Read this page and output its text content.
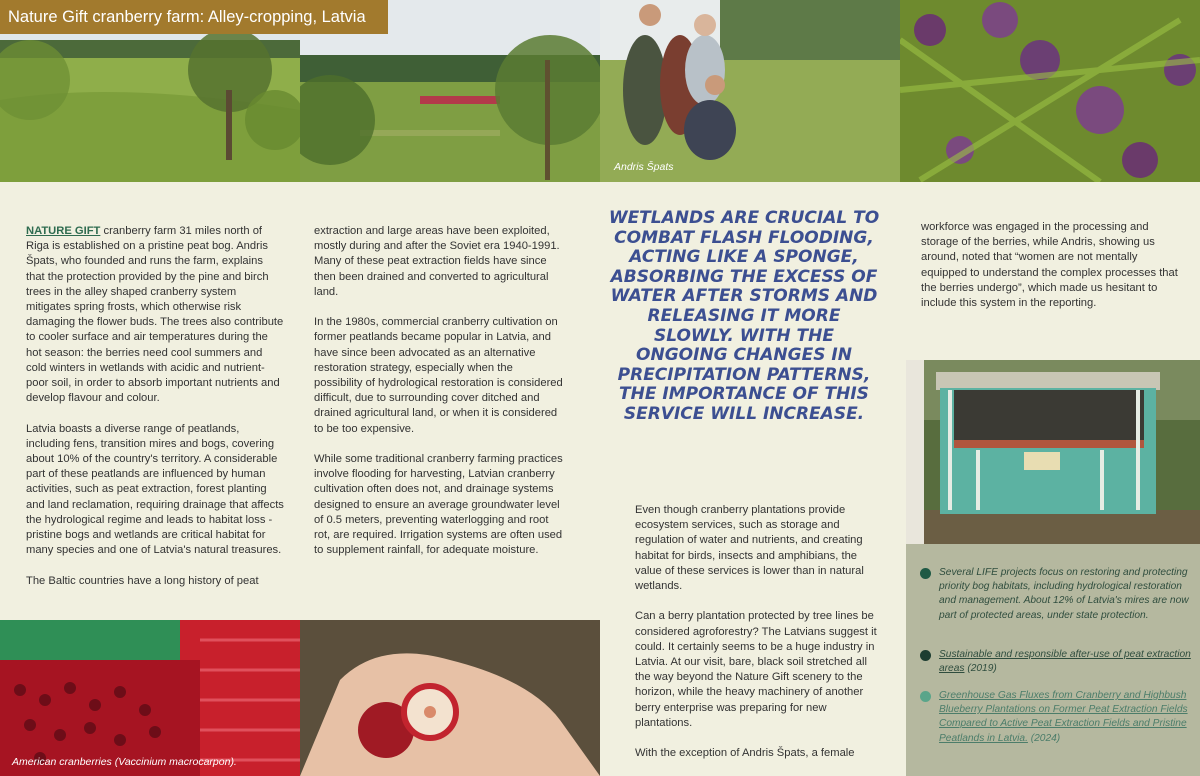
Nature Gift cranberry farm: Alley-cropping, Latvia
Andris Špats

NATURE GIFT cranberry farm 31 miles north of Riga is established on a pristine peat bog. Andris Špats, who founded and runs the farm, explains that the protection provided by the pine and birch trees in the alley shaped cranberry system mitigates spring frosts, which otherwise risk damaging the flower buds. The trees also contribute to cooler surface and air temperatures during the hot season: the berries need cool summers and cold winters in wetlands with acidic and nutrient-poor soil, in order to absorb important nutrients and develop flavour and colour.

Latvia boasts a diverse range of peatlands, including fens, transition mires and bogs, covering about 10% of the country's territory. A considerable part of these peatlands are influenced by human activities, such as peat extraction, forest planting and land reclamation, requiring drainage that affects the hydrological regime and leads to habitat loss - pristine bogs and wetlands are critical habitat for many species and one of Latvia's natural treasures.

The Baltic countries have a long history of peat

extraction and large areas have been exploited, mostly during and after the Soviet era 1940-1991. Many of these peat extraction fields have since then been drained and converted to agricultural land.

In the 1980s, commercial cranberry cultivation on former peatlands became popular in Latvia, and have since been advocated as an alternative restoration strategy, especially when the possibility of hydrological restoration is considered difficult, due to surrounding cover ditched and drained agricultural land, or when it is considered to be too expensive.

While some traditional cranberry farming practices involve flooding for harvesting, Latvian cranberry cultivation often does not, and drainage systems designed to ensure an average groundwater level of 0.5 meters, preventing waterlogging and root rot, are required. Irrigation systems are often used to supplement rainfall, for adequate moisture.

WETLANDS ARE CRUCIAL TO COMBAT FLASH FLOODING, ACTING LIKE A SPONGE, ABSORBING THE EXCESS OF WATER AFTER STORMS AND RELEASING IT MORE SLOWLY. WITH THE ONGOING CHANGES IN PRECIPITATION PATTERNS, THE IMPORTANCE OF THIS SERVICE WILL INCREASE.

Even though cranberry plantations provide ecosystem services, such as storage and regulation of water and nutrients, and creating habitat for birds, insects and amphibians, the value of these services is lower than in natural wetlands.

Can a berry plantation protected by tree lines be considered agroforestry? The Latvians suggest it could. It certainly seems to be a huge industry in Latvia. At our visit, bare, black soil stretched all the way beyond the Nature Gift scenery to the horizon, while the heavy machinery of another berry enterprise was preparing for new plantations.

With the exception of Andris Špats, a female

workforce was engaged in the processing and storage of the berries, while Andris, showing us around, noted that “women are not mentally equipped to understand the complex processes that the berries undergo”, which made us hesitant to include this system in the reporting.

American cranberries (Vaccinium macrocarpon).
Several LIFE projects focus on restoring and protecting priority bog habitats, including hydrological restoration and management. About 12% of Latvia's mires are now part of protected areas, under state protection.
Sustainable and responsible after-use of peat extraction areas (2019)
Greenhouse Gas Fluxes from Cranberry and Highbush Blueberry Plantations on Former Peat Extraction Fields Compared to Active Peat Extraction Fields and Pristine Peatlands in Latvia. (2024)
